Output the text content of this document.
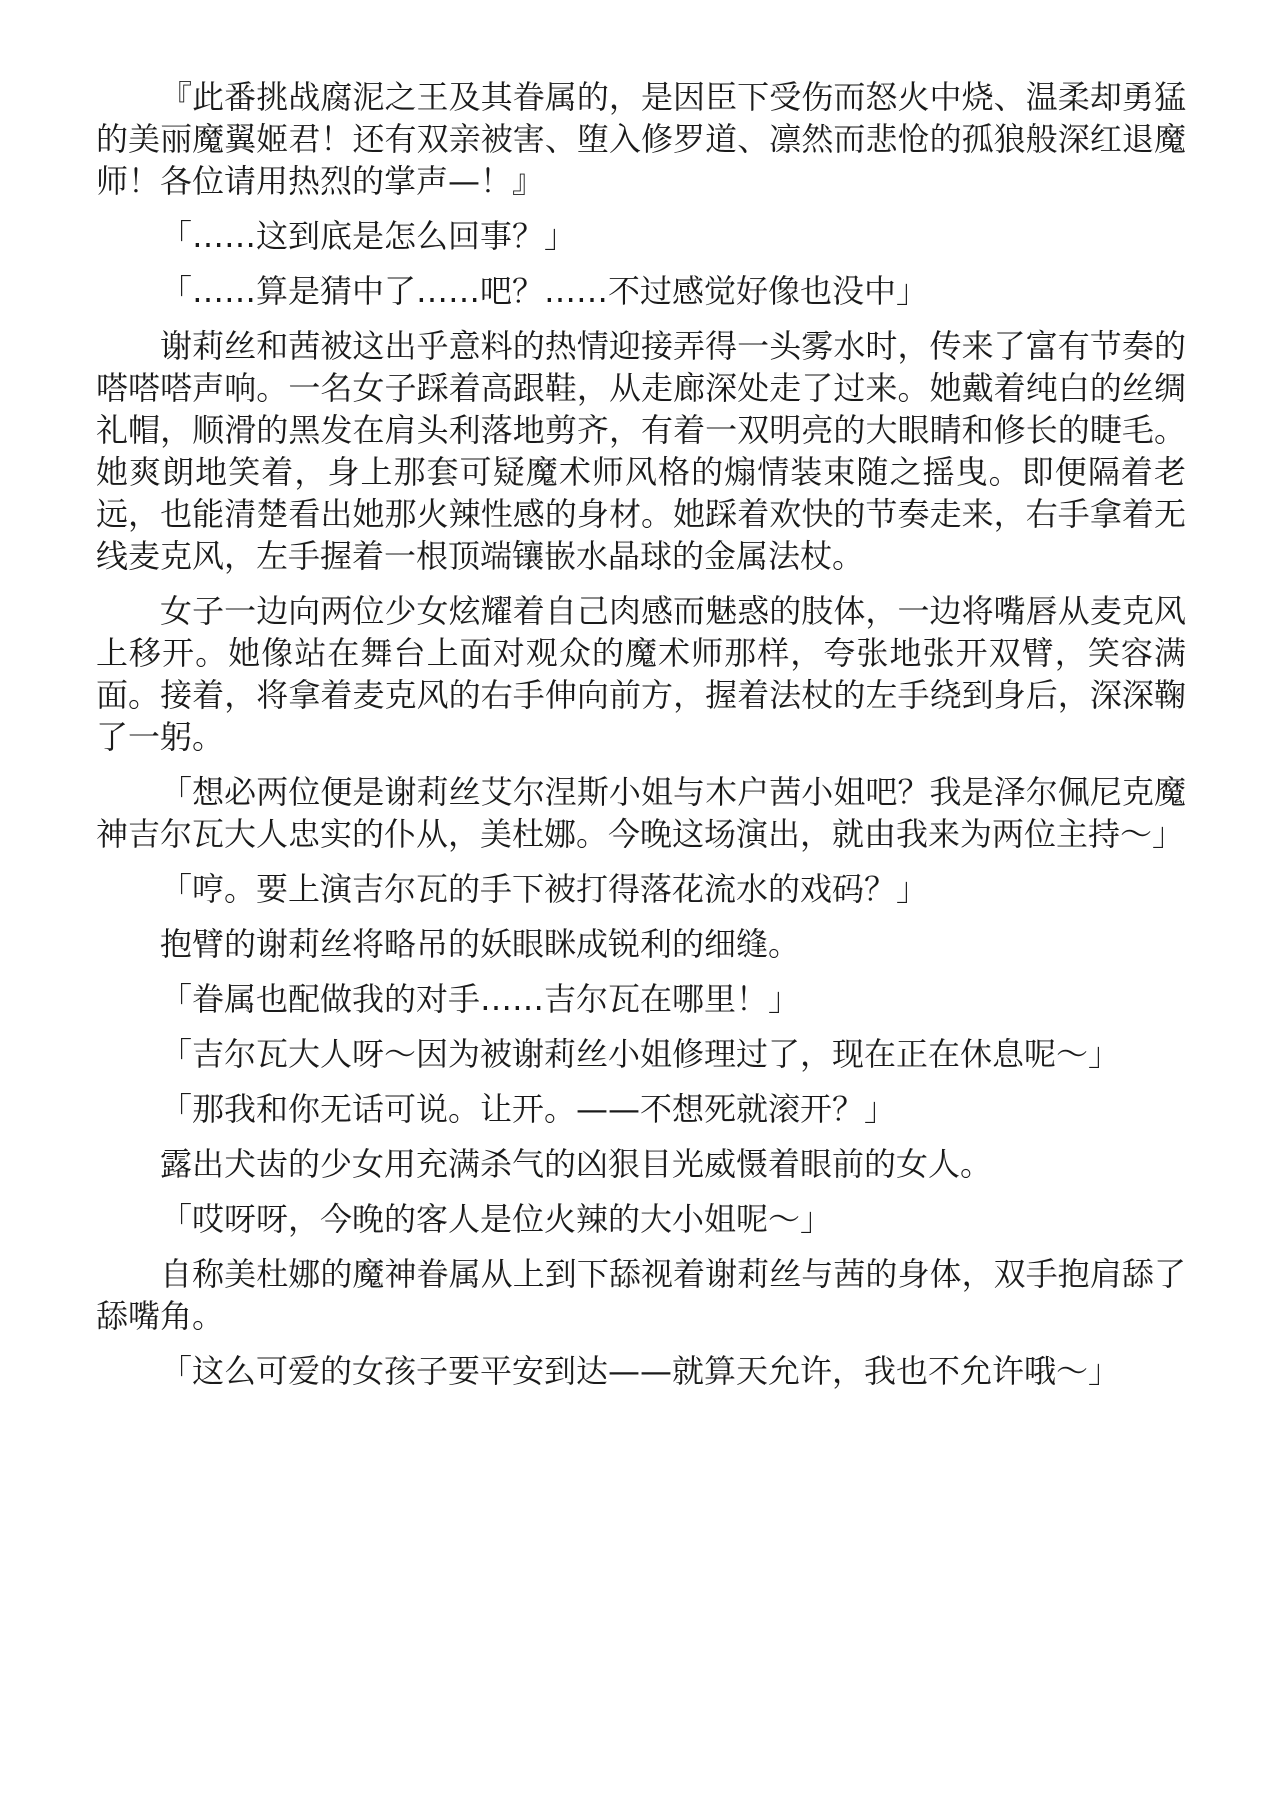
『此番挑战腐泥之王及其眷属的，是因臣下受伤而怒火中烧、温柔却勇猛的美丽魔翼姬君！还有双亲被害、堕入修罗道、凛然而悲怆的孤狼般深红退魔师！各位请用热烈的掌声—！』

「……这到底是怎么回事？」

「……算是猜中了……吧？……不过感觉好像也没中」

谢莉丝和茜被这出乎意料的热情迎接弄得一头雾水时，传来了富有节奏的嗒嗒嗒声响。一名女子踩着高跟鞋，从走廊深处走了过来。她戴着纯白的丝绸礼帽，顺滑的黑发在肩头利落地剪齐，有着一双明亮的大眼睛和修长的睫毛。她爽朗地笑着，身上那套可疑魔术师风格的煽情装束随之摇曳。即便隔着老远，也能清楚看出她那火辣性感的身材。她踩着欢快的节奏走来，右手拿着无线麦克风，左手握着一根顶端镶嵌水晶球的金属法杖。

女子一边向两位少女炫耀着自己肉感而魅惑的肢体，一边将嘴唇从麦克风上移开。她像站在舞台上面对观众的魔术师那样，夸张地张开双臂，笑容满面。接着，将拿着麦克风的右手伸向前方，握着法杖的左手绕到身后，深深鞠了一躬。

「想必两位便是谢莉丝艾尔涅斯小姐与木户茜小姐吧？我是泽尔佩尼克魔神吉尔瓦大人忠实的仆从，美杜娜。今晚这场演出，就由我来为两位主持～」

「哼。要上演吉尔瓦的手下被打得落花流水的戏码？」

抱臂的谢莉丝将略吊的妖眼眯成锐利的细缝。

「眷属也配做我的对手……吉尔瓦在哪里！」

「吉尔瓦大人呀～因为被谢莉丝小姐修理过了，现在正在休息呢～」

「那我和你无话可说。让开。——不想死就滚开？」

露出犬齿的少女用充满杀气的凶狠目光威慑着眼前的女人。

「哎呀呀，今晚的客人是位火辣的大小姐呢～」

自称美杜娜的魔神眷属从上到下舔视着谢莉丝与茜的身体，双手抱肩舔了舔嘴角。

「这么可爱的女孩子要平安到达——就算天允许，我也不允许哦～」
